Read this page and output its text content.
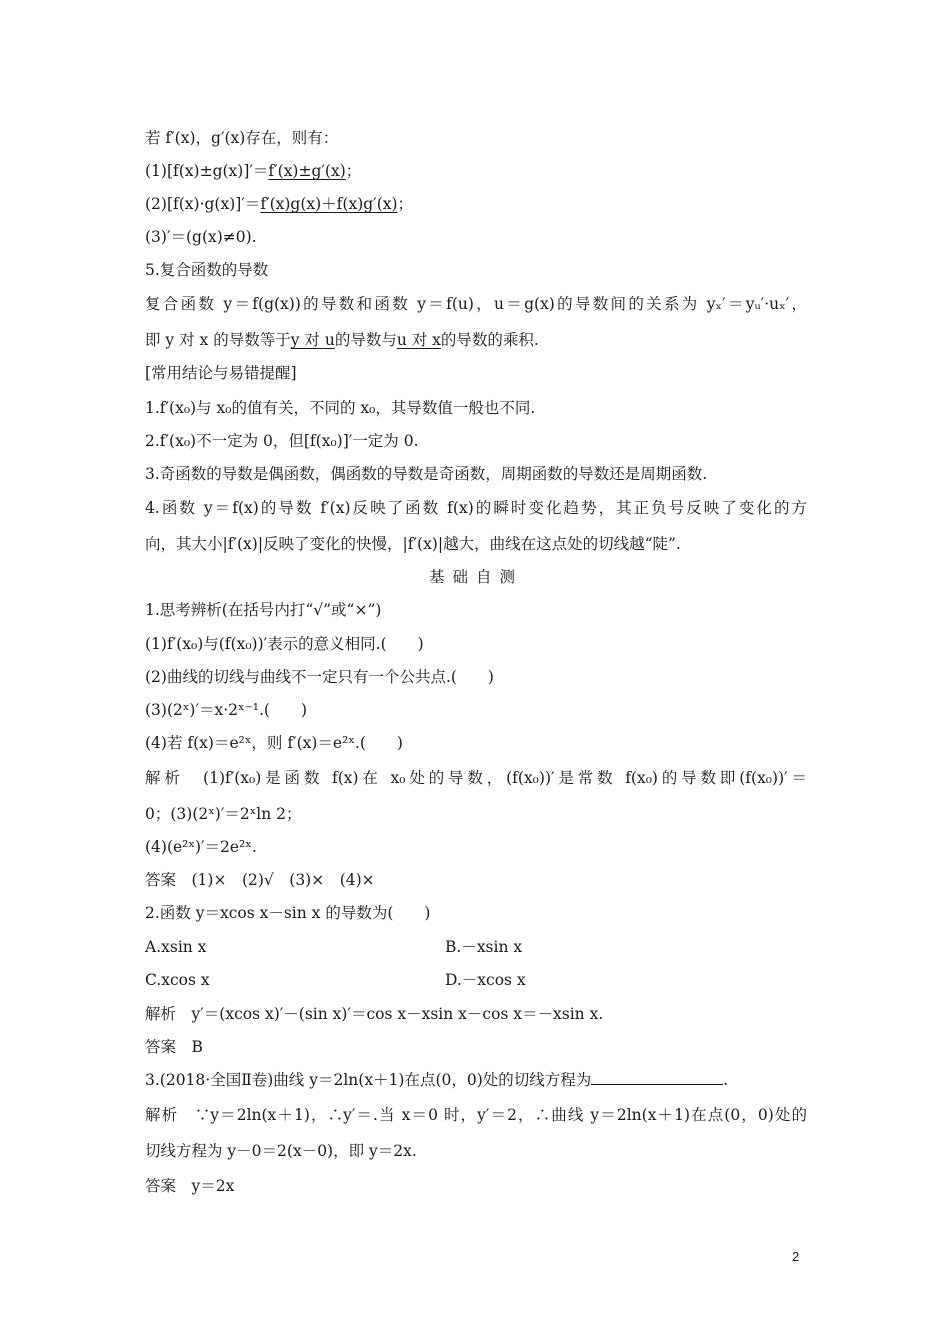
若 f′(x)，g′(x)存在，则有：
(1)[f(x)±g(x)]′＝f′(x)±g′(x)；
(2)[f(x)·g(x)]′＝f′(x)g(x)＋f(x)g′(x)；
(3)′＝(g(x)≠0).
5.复合函数的导数
复合函数 y＝f(g(x))的导数和函数 y＝f(u)，u＝g(x)的导数间的关系为 yₓ′＝yᵤ′·uₓ′，
即 y 对 x 的导数等于y 对 u的导数与u 对 x的导数的乘积.
[常用结论与易错提醒]
1.f′(x₀)与 x₀的值有关，不同的 x₀，其导数值一般也不同.
2.f′(x₀)不一定为 0，但[f(x₀)]′一定为 0.
3.奇函数的导数是偶函数，偶函数的导数是奇函数，周期函数的导数还是周期函数.
4.函数 y＝f(x)的导数 f′(x)反映了函数 f(x)的瞬时变化趋势，其正负号反映了变化的方
向，其大小|f′(x)|反映了变化的快慢，|f′(x)|越大，曲线在这点处的切线越“陡”.
基础自测
1.思考辨析(在括号内打“√”或“×”)
(1)f′(x₀)与(f(x₀))′表示的意义相同.(　　)
(2)曲线的切线与曲线不一定只有一个公共点.(　　)
(3)(2ˣ)′＝x·2ˣ⁻¹.(　　)
(4)若 f(x)＝e²ˣ，则 f′(x)＝e²ˣ.(　　)
解析　(1)f′(x₀)是函数 f(x)在 x₀处的导数，(f(x₀))′是常数 f(x₀)的导数即(f(x₀))′＝
0；(3)(2ˣ)′＝2ˣln 2；
(4)(e²ˣ)′＝2e²ˣ.
答案　(1)×　(2)√　(3)×　(4)×
2.函数 y＝xcos x－sin x 的导数为(　　)
A.xsin x	B.－xsin x
C.xcos x	D.－xcos x
解析　y′＝(xcos x)′－(sin x)′＝cos x－xsin x－cos x＝－xsin x.
答案　B
3.(2018·全国Ⅱ卷)曲线 y＝2ln(x＋1)在点(0，0)处的切线方程为	.
解析　∵y＝2ln(x＋1)，∴y′＝.当 x＝0 时，y′＝2，∴曲线 y＝2ln(x＋1)在点(0，0)处的
切线方程为 y－0＝2(x－0)，即 y＝2x.
答案　y＝2x
2
